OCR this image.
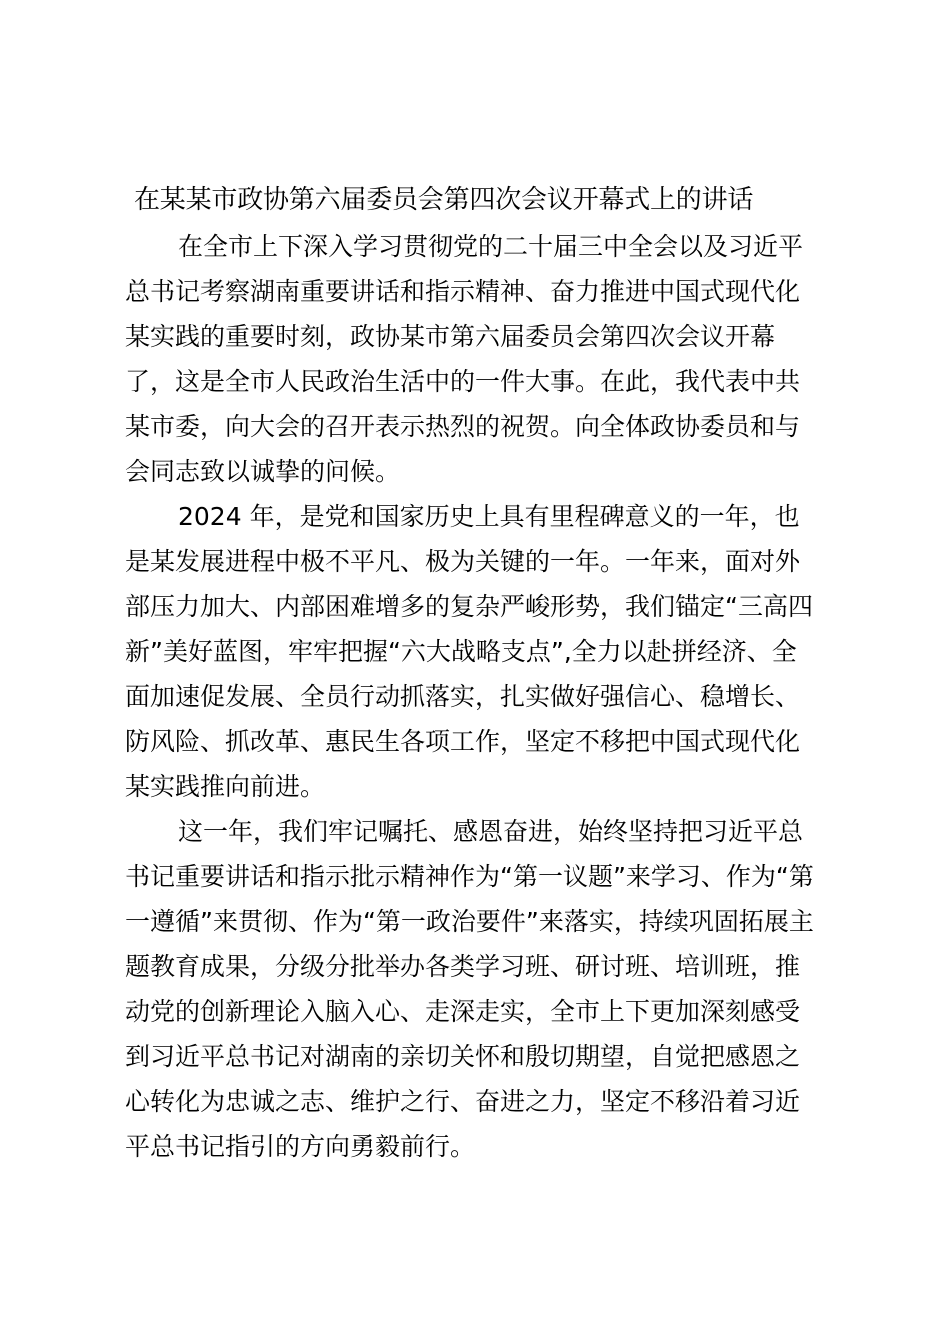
在某某市政协第六届委员会第四次会议开幕式上的讲话
在全市上下深入学习贯彻党的二十届三中全会以及习近平
总书记考察湖南重要讲话和指示精神、奋力推进中国式现代化
某实践的重要时刻，政协某市第六届委员会第四次会议开幕
了，这是全市人民政治生活中的一件大事。在此，我代表中共
某市委，向大会的召开表示热烈的祝贺。向全体政协委员和与
会同志致以诚挚的问候。
2024 年，是党和国家历史上具有里程碑意义的一年，也
是某发展进程中极不平凡、极为关键的一年。一年来，面对外
部压力加大、内部困难增多的复杂严峻形势，我们锚定“三高四
新”美好蓝图，牢牢把握“六大战略支点”,全力以赴拼经济、全
面加速促发展、全员行动抓落实，扎实做好强信心、稳增长、
防风险、抓改革、惠民生各项工作，坚定不移把中国式现代化
某实践推向前进。
这一年，我们牢记嘱托、感恩奋进，始终坚持把习近平总
书记重要讲话和指示批示精神作为“第一议题”来学习、作为“第
一遵循”来贯彻、作为“第一政治要件”来落实，持续巩固拓展主
题教育成果，分级分批举办各类学习班、研讨班、培训班，推
动党的创新理论入脑入心、走深走实，全市上下更加深刻感受
到习近平总书记对湖南的亲切关怀和殷切期望，自觉把感恩之
心转化为忠诚之志、维护之行、奋进之力，坚定不移沿着习近
平总书记指引的方向勇毅前行。
